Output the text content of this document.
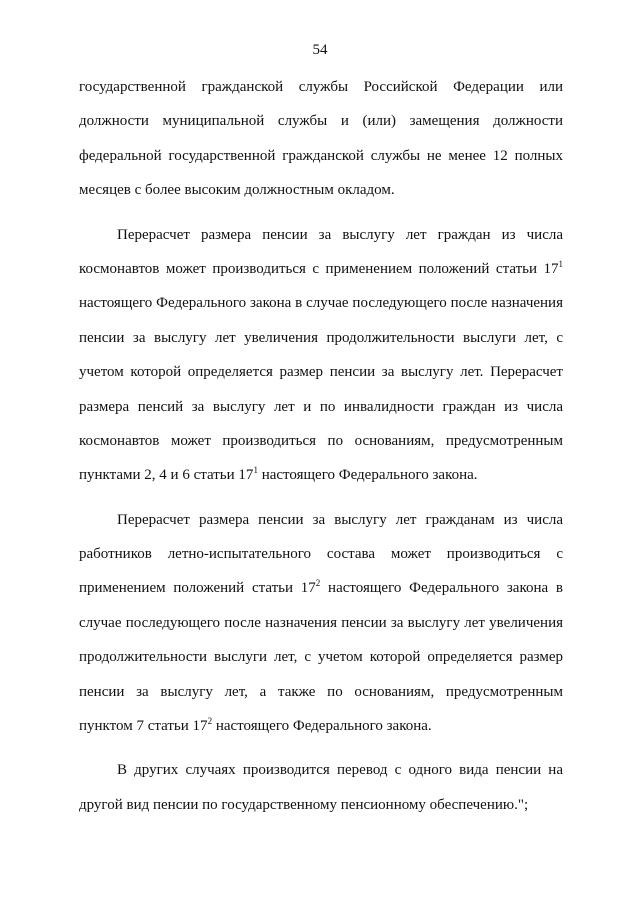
54
государственной гражданской службы Российской Федерации или
должности муниципальной службы и (или) замещения должности
федеральной государственной гражданской службы не менее 12 полных
месяцев с более высоким должностным окладом.
Перерасчет размера пенсии за выслугу лет граждан из числа
космонавтов может производиться с применением положений статьи $17^1$
настоящего Федерального закона в случае последующего после назначения
пенсии за выслугу лет увеличения продолжительности выслуги лет, с
учетом которой определяется размер пенсии за выслугу лет. Перерасчет
размера пенсий за выслугу лет и по инвалидности граждан из числа
космонавтов может производиться по основаниям, предусмотренным
пунктами 2, 4 и 6 статьи $17^1$ настоящего Федерального закона.
Перерасчет размера пенсии за выслугу лет гражданам из числа
работников летно-испытательного состава может производиться с
применением положений статьи $17^2$ настоящего Федерального закона в
случае последующего после назначения пенсии за выслугу лет увеличения
продолжительности выслуги лет, с учетом которой определяется размер
пенсии за выслугу лет, а также по основаниям, предусмотренным
пунктом 7 статьи $17^2$ настоящего Федерального закона.
В других случаях производится перевод с одного вида пенсии на
другой вид пенсии по государственному пенсионному обеспечению.";
